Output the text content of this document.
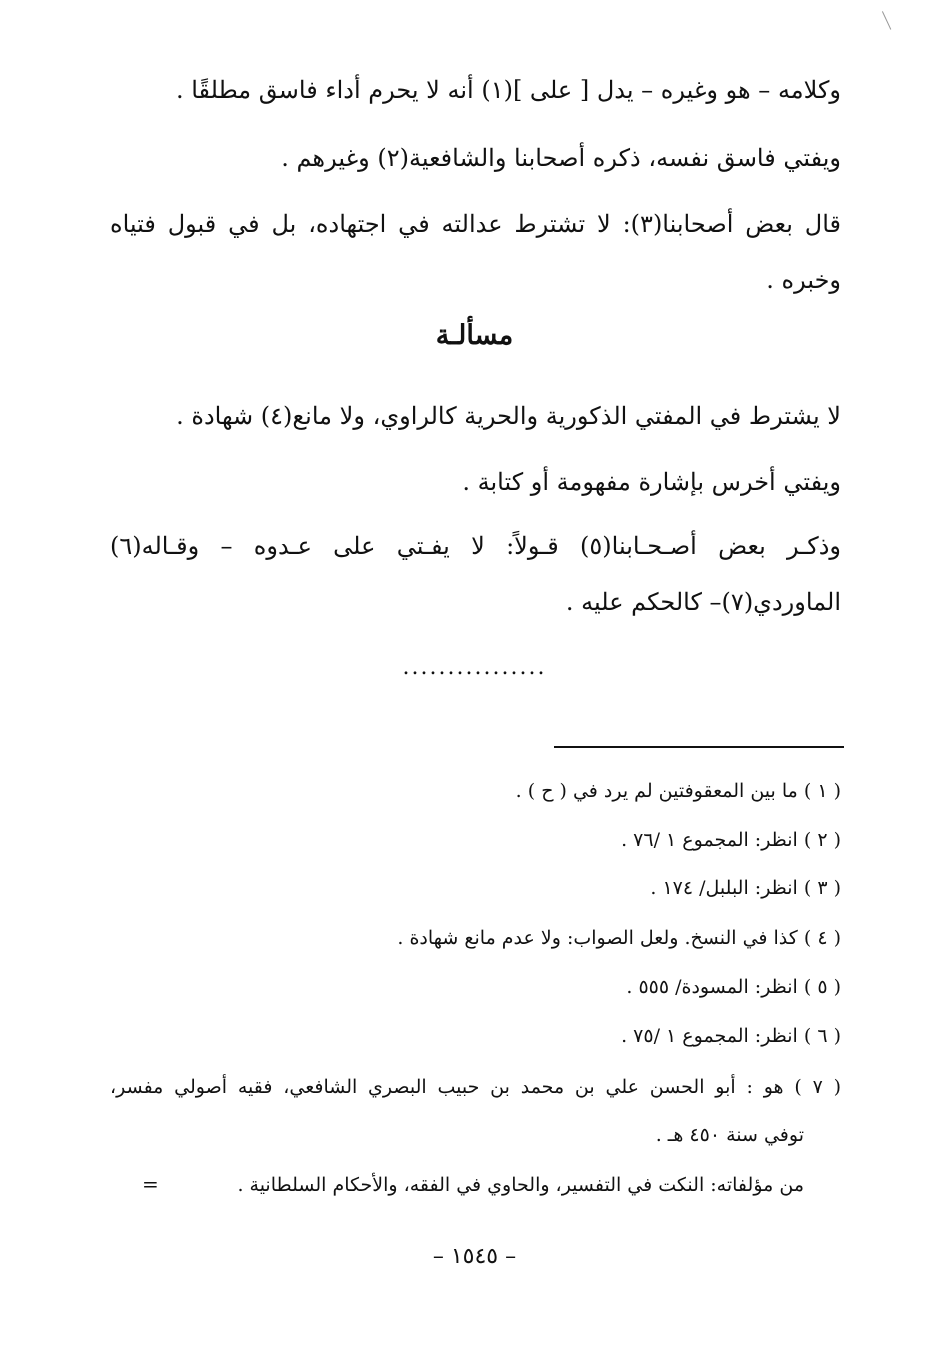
وكلامه – هو وغيره – يدل [ على ](١) أنه لا يحرم أداء فاسق مطلقًا .
ويفتي فاسق نفسه، ذكره أصحابنا والشافعية(٢) وغيرهم .
قال بعض أصحابنا(٣): لا تشترط عدالته في اجتهاده، بل في قبول فتياه
وخبره .
مسألـة
لا يشترط في المفتي الذكورية والحرية كالراوي، ولا مانع(٤) شهادة .
ويفتي أخرس بإشارة مفهومة أو كتابة .
وذكـر بعض أصـحـابنا(٥) قـولاً: لا يفـتي على عـدوه – وقـاله(٦)
الماوردي(٧)– كالحكم عليه .
................
( ١ ) ما بين المعقوفتين لم يرد في ( ح ) .
( ٢ ) انظر: المجموع ١ /٧٦ .
( ٣ ) انظر: البلبل/ ١٧٤ .
( ٤ ) كذا في النسخ. ولعل الصواب: ولا عدم مانع شهادة .
( ٥ ) انظر: المسودة/ ٥٥٥ .
( ٦ ) انظر: المجموع ١ /٧٥ .
( ٧ ) هو : أبو الحسن علي بن محمد بن حبيب البصري الشافعي، فقيه أصولي مفسر،
توفي سنة ٤٥٠ هـ .
من مؤلفاته: النكت في التفسير، والحاوي في الفقه، والأحكام السلطانية .
=
– ١٥٤٥ –
